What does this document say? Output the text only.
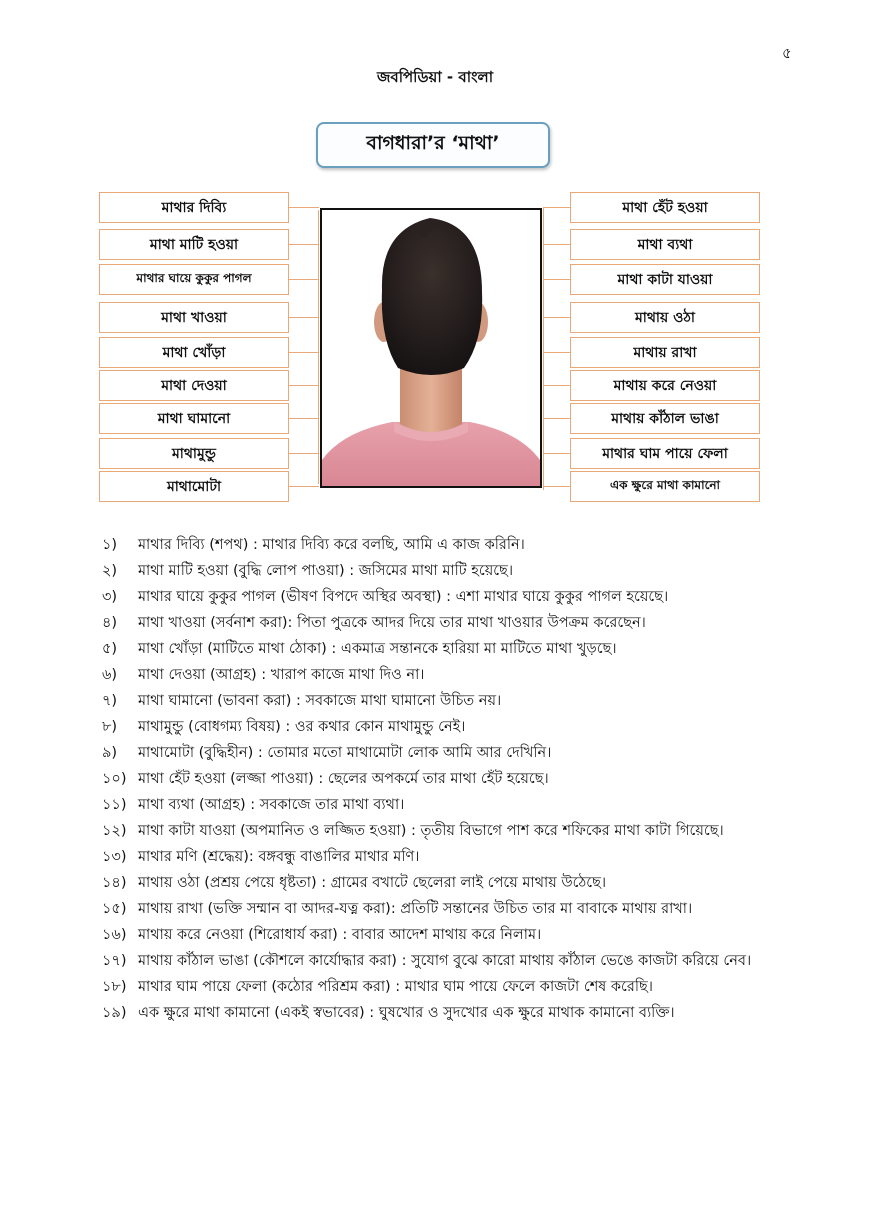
৫
জবপিডিয়া - বাংলা
বাগধারা’র ‘মাথা’
মাথার দিব্যি
মাথা মাটি হওয়া
মাথার ঘায়ে কুকুর পাগল
মাথা খাওয়া
মাথা খোঁড়া
মাথা দেওয়া
মাথা ঘামানো
মাথামুন্ডু
মাথামোটা
মাথা হেঁট হওয়া
মাথা ব্যথা
মাথা কাটা যাওয়া
মাথায় ওঠা
মাথায় রাখা
মাথায় করে নেওয়া
মাথায় কাঁঠাল ভাঙা
মাথার ঘাম পায়ে ফেলা
এক ক্ষুরে মাথা কামানো
১)	মাথার দিব্যি (শপথ) : মাথার দিব্যি করে বলছি, আমি এ কাজ করিনি।
২)	মাথা মাটি হওয়া (বুদ্ধি লোপ পাওয়া) : জসিমের মাথা মাটি হয়েছে।
৩)	মাথার ঘায়ে কুকুর পাগল (ভীষণ বিপদে অস্থির অবস্থা) : এশা মাথার ঘায়ে কুকুর পাগল হয়েছে।
৪)	মাথা খাওয়া (সর্বনাশ করা): পিতা পুত্রকে আদর দিয়ে তার মাথা খাওয়ার উপক্রম করেছেন।
৫)	মাথা খোঁড়া (মাটিতে মাথা ঠোকা) : একমাত্র সন্তানকে হারিয়া মা মাটিতে মাথা খুড়ছে।
৬)	মাথা দেওয়া (আগ্রহ) : খারাপ কাজে মাথা দিও না।
৭)	মাথা ঘামানো (ভাবনা করা) : সবকাজে মাথা ঘামানো উচিত নয়।
৮)	মাথামুন্ডু (বোধগম্য বিষয়) : ওর কথার কোন মাথামুন্ডু নেই।
৯)	মাথামোটা (বুদ্ধিহীন) : তোমার মতো মাথামোটা লোক আমি আর দেখিনি।
১০) মাথা হেঁট হওয়া (লজ্জা পাওয়া) : ছেলের অপকর্মে তার মাথা হেঁট হয়েছে।
১১) মাথা ব্যথা (আগ্রহ) : সবকাজে তার মাথা ব্যথা।
১২) মাথা কাটা যাওয়া (অপমানিত ও লজ্জিত হওয়া) : তৃতীয় বিভাগে পাশ করে শফিকের মাথা কাটা গিয়েছে।
১৩) মাথার মণি (শ্রদ্ধেয়): বঙ্গবন্ধু বাঙালির মাথার মণি।
১৪) মাথায় ওঠা (প্রশ্রয় পেয়ে ধৃষ্টতা) : গ্রামের বখাটে ছেলেরা লাই পেয়ে মাথায় উঠেছে।
১৫) মাথায় রাখা (ভক্তি সম্মান বা আদর-যত্ন করা): প্রতিটি সন্তানের উচিত তার মা বাবাকে মাথায় রাখা।
১৬) মাথায় করে নেওয়া (শিরোধার্য করা) : বাবার আদেশ মাথায় করে নিলাম।
১৭) মাথায় কাঁঠাল ভাঙা (কৌশলে কার্যোদ্ধার করা) : সুযোগ বুঝে কারো মাথায় কাঁঠাল ভেঙে কাজটা করিয়ে নেব।
১৮) মাথার ঘাম পায়ে ফেলা (কঠোর পরিশ্রম করা) : মাথার ঘাম পায়ে ফেলে কাজটা শেষ করেছি।
১৯) এক ক্ষুরে মাথা কামানো (একই স্বভাবের) : ঘুষখোর ও সুদখোর এক ক্ষুরে মাথাক কামানো ব্যক্তি।
